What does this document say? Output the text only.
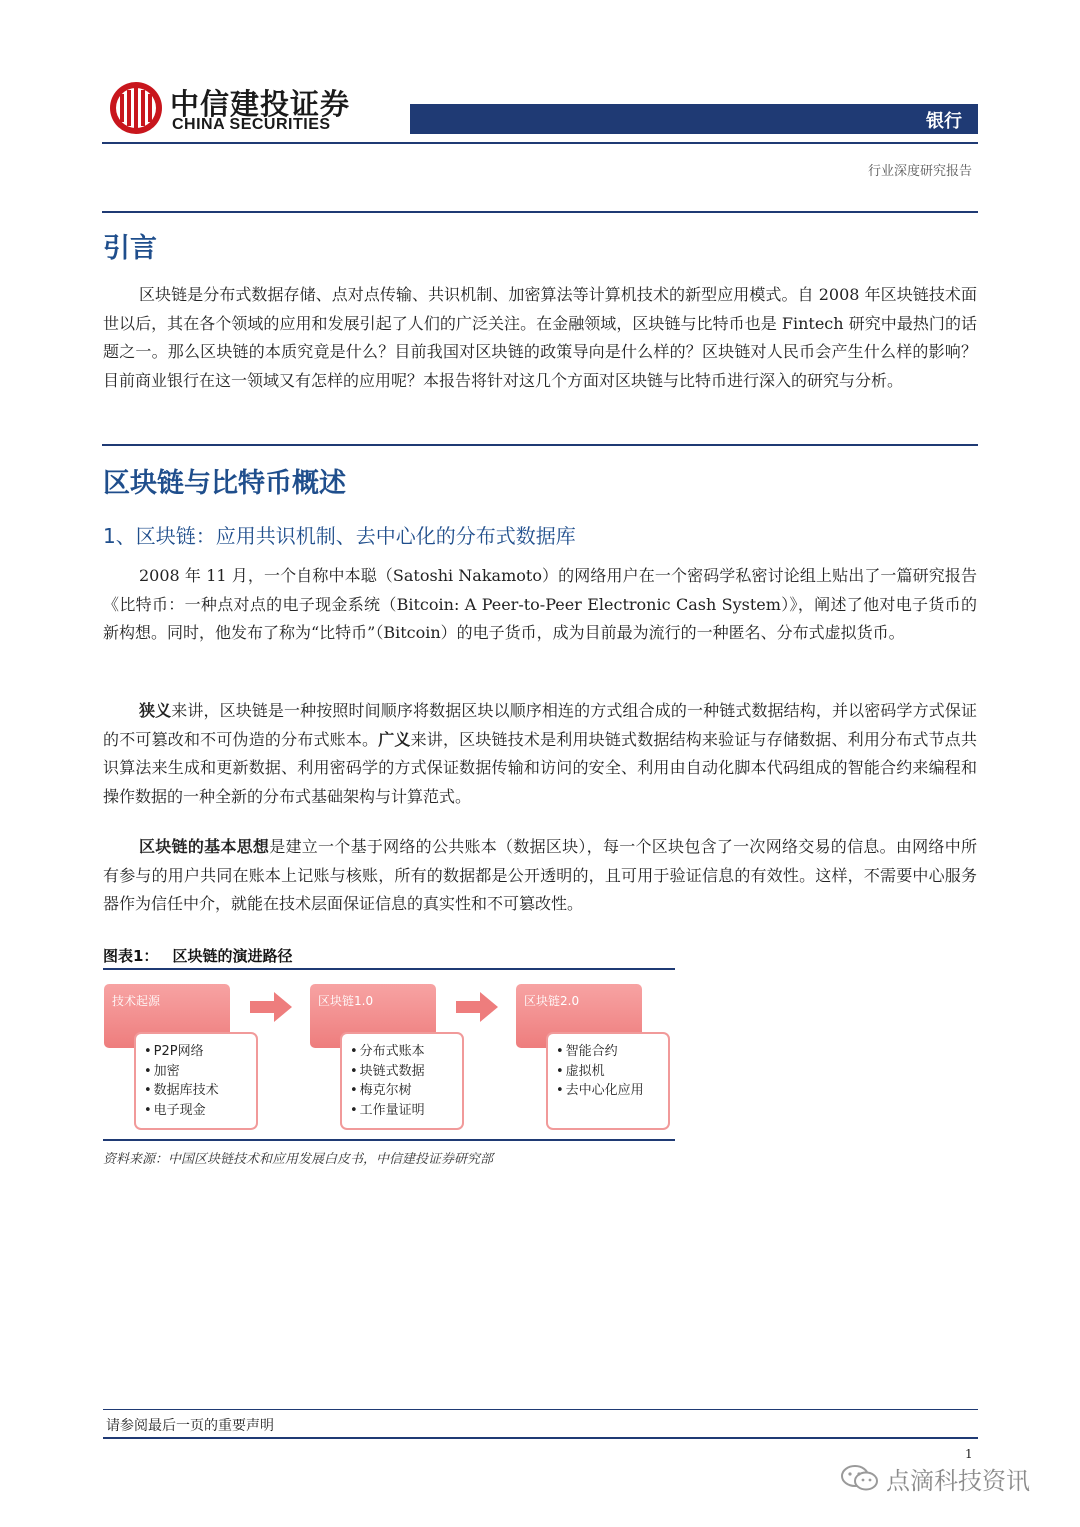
中信建投证券
CHINA SECURITIES	银行
行业深度研究报告
引言
区块链是分布式数据存储、点对点传输、共识机制、加密算法等计算机技术的新型应用模式。自 2008 年区块链技术面世以后，其在各个领域的应用和发展引起了人们的广泛关注。在金融领域，区块链与比特币也是 Fintech 研究中最热门的话题之一。那么区块链的本质究竟是什么？目前我国对区块链的政策导向是什么样的？区块链对人民币会产生什么样的影响？目前商业银行在这一领域又有怎样的应用呢？本报告将针对这几个方面对区块链与比特币进行深入的研究与分析。
区块链与比特币概述
1、区块链：应用共识机制、去中心化的分布式数据库
2008 年 11 月，一个自称中本聪（Satoshi Nakamoto）的网络用户在一个密码学私密讨论组上贴出了一篇研究报告《比特币：一种点对点的电子现金系统（Bitcoin: A Peer-to-Peer Electronic Cash System）》，阐述了他对电子货币的新构想。同时，他发布了称为“比特币”（Bitcoin）的电子货币，成为目前最为流行的一种匿名、分布式虚拟货币。
狭义来讲，区块链是一种按照时间顺序将数据区块以顺序相连的方式组合成的一种链式数据结构，并以密码学方式保证的不可篡改和不可伪造的分布式账本。广义来讲，区块链技术是利用块链式数据结构来验证与存储数据、利用分布式节点共识算法来生成和更新数据、利用密码学的方式保证数据传输和访问的安全、利用由自动化脚本代码组成的智能合约来编程和操作数据的一种全新的分布式基础架构与计算范式。
区块链的基本思想是建立一个基于网络的公共账本（数据区块），每一个区块包含了一次网络交易的信息。由网络中所有参与的用户共同在账本上记账与核账，所有的数据都是公开透明的，且可用于验证信息的有效性。这样，不需要中心服务器作为信任中介，就能在技术层面保证信息的真实性和不可篡改性。
图表1： 区块链的演进路径
技术起源
• P2P网络
• 加密
• 数据库技术
• 电子现金
区块链1.0
• 分布式账本
• 块链式数据
• 梅克尔树
• 工作量证明
区块链2.0
• 智能合约
• 虚拟机
• 去中心化应用
资料来源：中国区块链技术和应用发展白皮书，中信建投证券研究部
请参阅最后一页的重要声明
1
点滴科技资讯
